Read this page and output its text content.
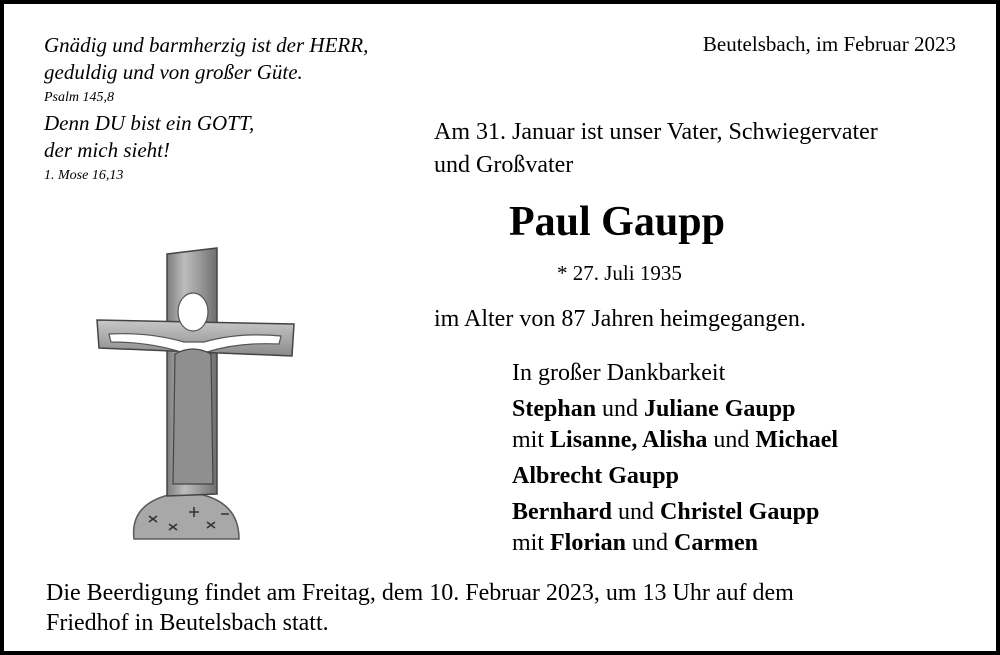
Gnädig und barmherzig ist der HERR,
geduldig und von großer Güte.
Psalm 145,8
Denn DU bist ein GOTT,
der mich sieht!
1. Mose 16,13
Beutelsbach, im Februar 2023
Am 31. Januar ist unser Vater, Schwiegervater
und Großvater
Paul Gaupp
* 27. Juli 1935
im Alter von 87 Jahren heimgegangen.
In großer Dankbarkeit
Stephan und Juliane Gaupp
mit Lisanne, Alisha und Michael
Albrecht Gaupp
Bernhard und Christel Gaupp
mit Florian und Carmen
Die Beerdigung findet am Freitag, dem 10. Februar 2023, um 13 Uhr auf dem
Friedhof in Beutelsbach statt.
